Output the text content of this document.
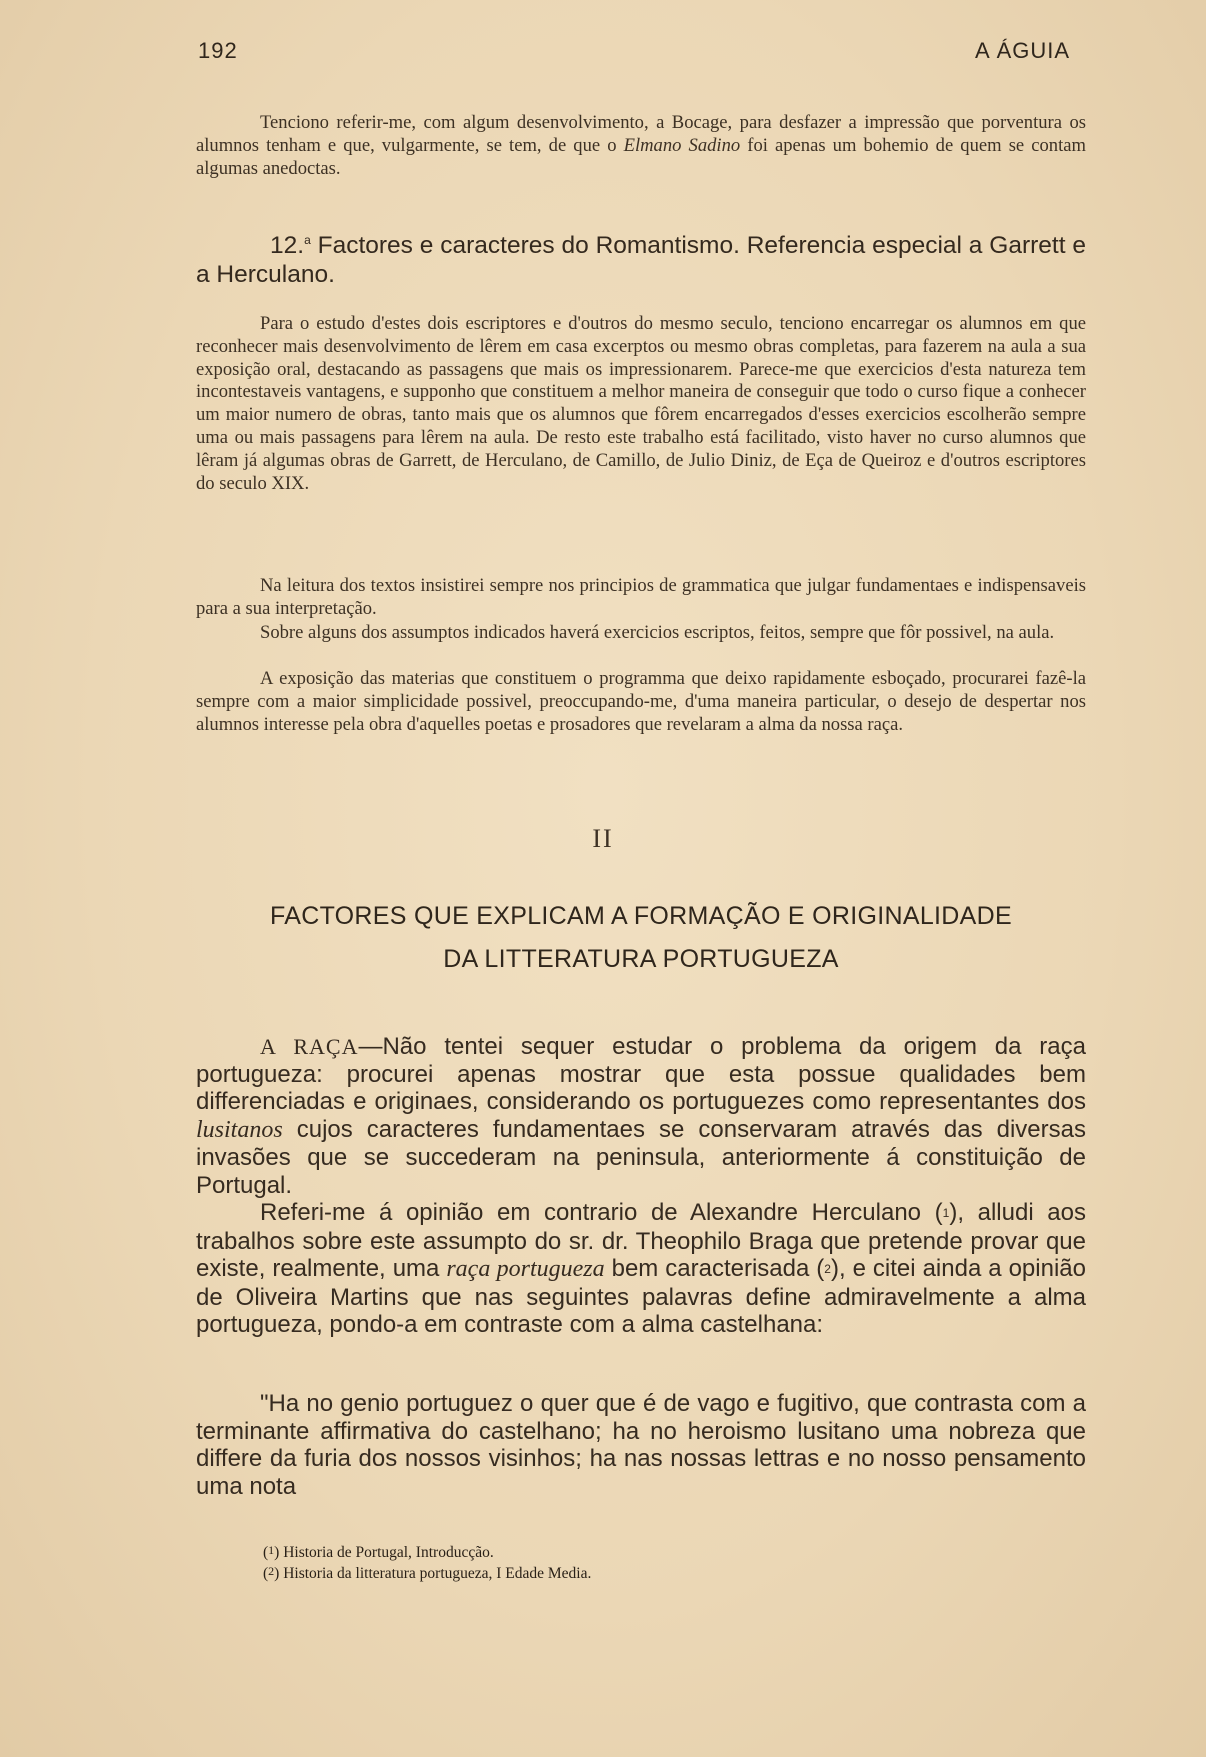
192	A ÁGUIA

Tenciono referir-me, com algum desenvolvimento, a Bocage, para desfazer a impressão que porventura os alumnos tenham e que, vulgarmente, se tem, de que o Elmano Sadino foi apenas um bohemio de quem se contam algumas anedoctas.

12.$^a$ Factores e caracteres do Romantismo. Referencia especial a Garrett e a Herculano.

Para o estudo d'estes dois escriptores e d'outros do mesmo seculo, tenciono encarregar os alumnos em que reconhecer mais desenvolvimento de lêrem em casa excerptos ou mesmo obras completas, para fazerem na aula a sua exposição oral, destacando as passagens que mais os impressionarem. Parece-me que exercicios d'esta natureza tem incontestaveis vantagens, e supponho que constituem a melhor maneira de conseguir que todo o curso fique a conhecer um maior numero de obras, tanto mais que os alumnos que fôrem encarregados d'esses exercicios escolherão sempre uma ou mais passagens para lêrem na aula. De resto este trabalho está facilitado, visto haver no curso alumnos que lêram já algumas obras de Garrett, de Herculano, de Camillo, de Julio Diniz, de Eça de Queiroz e d'outros escriptores do seculo XIX.

Na leitura dos textos insistirei sempre nos principios de grammatica que julgar fundamentaes e indispensaveis para a sua interpretação.

Sobre alguns dos assumptos indicados haverá exercicios escriptos, feitos, sempre que fôr possivel, na aula.

A exposição das materias que constituem o programma que deixo rapidamente esboçado, procurarei fazê-la sempre com a maior simplicidade possivel, preoccupando-me, d'uma maneira particular, o desejo de despertar nos alumnos interesse pela obra d'aquelles poetas e prosadores que revelaram a alma da nossa raça.

II

FACTORES QUE EXPLICAM A FORMAÇÃO E ORIGINALIDADE

DA LITTERATURA PORTUGUEZA

A RAÇA—Não tentei sequer estudar o problema da origem da raça portugueza: procurei apenas mostrar que esta possue qualidades bem differenciadas e originaes, considerando os portuguezes como representantes dos lusitanos cujos caracteres fundamentaes se conservaram através das diversas invasões que se succederam na peninsula, anteriormente á constituição de Portugal.

Referi-me á opinião em contrario de Alexandre Herculano ($^1$), alludi aos trabalhos sobre este assumpto do sr. dr. Theophilo Braga que pretende provar que existe, realmente, uma raça portugueza bem caracterisada ($^2$), e citei ainda a opinião de Oliveira Martins que nas seguintes palavras define admiravelmente a alma portugueza, pondo-a em contraste com a alma castelhana:

"Ha no genio portuguez o quer que é de vago e fugitivo, que contrasta com a terminante affirmativa do castelhano; ha no heroismo lusitano uma nobreza que differe da furia dos nossos visinhos; ha nas nossas lettras e no nosso pensamento uma nota

($^1$) Historia de Portugal, Introducção.
($^2$) Historia da litteratura portugueza, I Edade Media.
